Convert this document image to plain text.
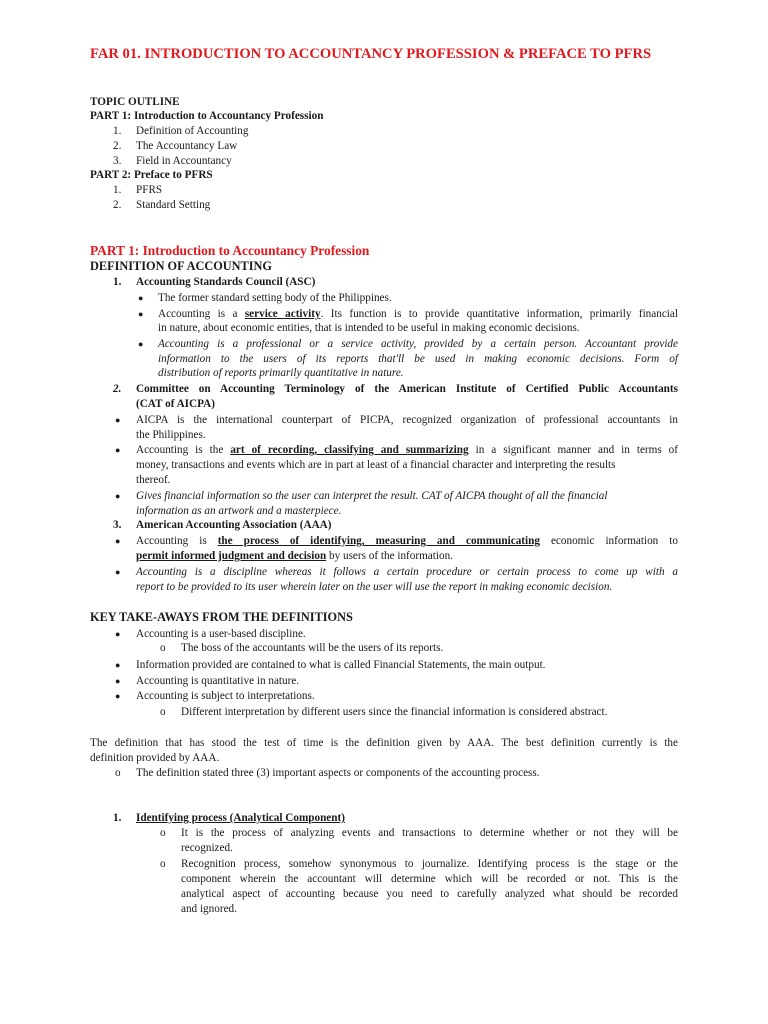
FAR 01. INTRODUCTION TO ACCOUNTANCY PROFESSION & PREFACE TO PFRS
TOPIC OUTLINE
PART 1: Introduction to Accountancy Profession
1. Definition of Accounting
2. The Accountancy Law
3. Field in Accountancy
PART 2: Preface to PFRS
1. PFRS
2. Standard Setting
PART 1: Introduction to Accountancy Profession
DEFINITION OF ACCOUNTING
1. Accounting Standards Council (ASC)
● The former standard setting body of the Philippines.
● Accounting is a service activity. Its function is to provide quantitative information, primarily financial
in nature, about economic entities, that is intended to be useful in making economic decisions.
● Accounting is a professional or a service activity, provided by a certain person. Accountant provide
information to the users of its reports that'll be used in making economic decisions. Form of
distribution of reports primarily quantitative in nature.
2. Committee on Accounting Terminology of the American Institute of Certified Public Accountants
(CAT of AICPA)
● AICPA is the international counterpart of PICPA, recognized organization of professional accountants in
the Philippines.
● Accounting is the art of recording, classifying and summarizing in a significant manner and in terms of
money, transactions and events which are in part at least of a financial character and interpreting the results
thereof.
● Gives financial information so the user can interpret the result. CAT of AICPA thought of all the financial
information as an artwork and a masterpiece.
3. American Accounting Association (AAA)
● Accounting is the process of identifying, measuring and communicating economic information to
permit informed judgment and decision by users of the information.
● Accounting is a discipline whereas it follows a certain procedure or certain process to come up with a
report to be provided to its user wherein later on the user will use the report in making economic decision.
KEY TAKE-AWAYS FROM THE DEFINITIONS
● Accounting is a user-based discipline.
o The boss of the accountants will be the users of its reports.
● Information provided are contained to what is called Financial Statements, the main output.
● Accounting is quantitative in nature.
● Accounting is subject to interpretations.
o Different interpretation by different users since the financial information is considered abstract.
The definition that has stood the test of time is the definition given by AAA. The best definition currently is the
definition provided by AAA.
o The definition stated three (3) important aspects or components of the accounting process.
1. Identifying process (Analytical Component)
o It is the process of analyzing events and transactions to determine whether or not they will be
recognized.
o Recognition process, somehow synonymous to journalize. Identifying process is the stage or the
component wherein the accountant will determine which will be recorded or not. This is the
analytical aspect of accounting because you need to carefully analyzed what should be recorded
and ignored.
